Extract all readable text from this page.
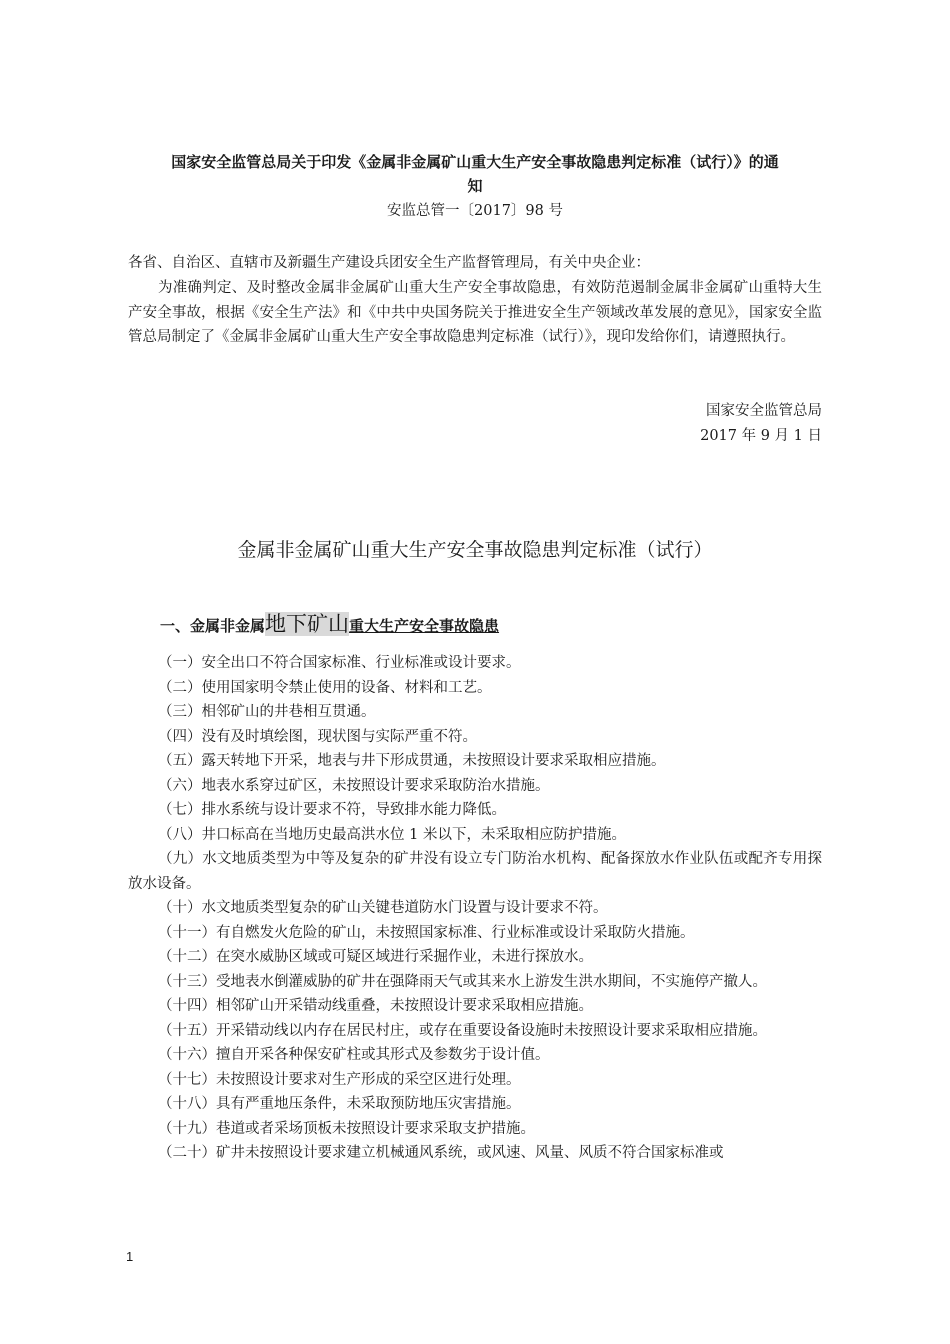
国家安全监管总局关于印发《金属非金属矿山重大生产安全事故隐患判定标准（试行）》的通
知
安监总管一〔2017〕98 号
各省、自治区、直辖市及新疆生产建设兵团安全生产监督管理局，有关中央企业：
为准确判定、及时整改金属非金属矿山重大生产安全事故隐患，有效防范遏制金属非金属矿山重特大生产安全事故，根据《安全生产法》和《中共中央国务院关于推进安全生产领域改革发展的意见》，国家安全监管总局制定了《金属非金属矿山重大生产安全事故隐患判定标准（试行）》，现印发给你们，请遵照执行。
国家安全监管总局
2017 年 9 月 1 日
金属非金属矿山重大生产安全事故隐患判定标准（试行）
一、金属非金属地下矿山重大生产安全事故隐患

（一）安全出口不符合国家标准、行业标准或设计要求。

（二）使用国家明令禁止使用的设备、材料和工艺。

（三）相邻矿山的井巷相互贯通。

（四）没有及时填绘图，现状图与实际严重不符。

（五）露天转地下开采，地表与井下形成贯通，未按照设计要求采取相应措施。

（六）地表水系穿过矿区，未按照设计要求采取防治水措施。

（七）排水系统与设计要求不符，导致排水能力降低。

（八）井口标高在当地历史最高洪水位 1 米以下，未采取相应防护措施。

（九）水文地质类型为中等及复杂的矿井没有设立专门防治水机构、配备探放水作业队伍或配齐专用探放水设备。

（十）水文地质类型复杂的矿山关键巷道防水门设置与设计要求不符。

（十一）有自燃发火危险的矿山，未按照国家标准、行业标准或设计采取防火措施。

（十二）在突水威胁区域或可疑区域进行采掘作业，未进行探放水。

（十三）受地表水倒灌威胁的矿井在强降雨天气或其来水上游发生洪水期间，不实施停产撤人。

（十四）相邻矿山开采错动线重叠，未按照设计要求采取相应措施。

（十五）开采错动线以内存在居民村庄，或存在重要设备设施时未按照设计要求采取相应措施。

（十六）擅自开采各种保安矿柱或其形式及参数劣于设计值。

（十七）未按照设计要求对生产形成的采空区进行处理。

（十八）具有严重地压条件，未采取预防地压灾害措施。

（十九）巷道或者采场顶板未按照设计要求采取支护措施。

（二十）矿井未按照设计要求建立机械通风系统，或风速、风量、风质不符合国家标准或

1
